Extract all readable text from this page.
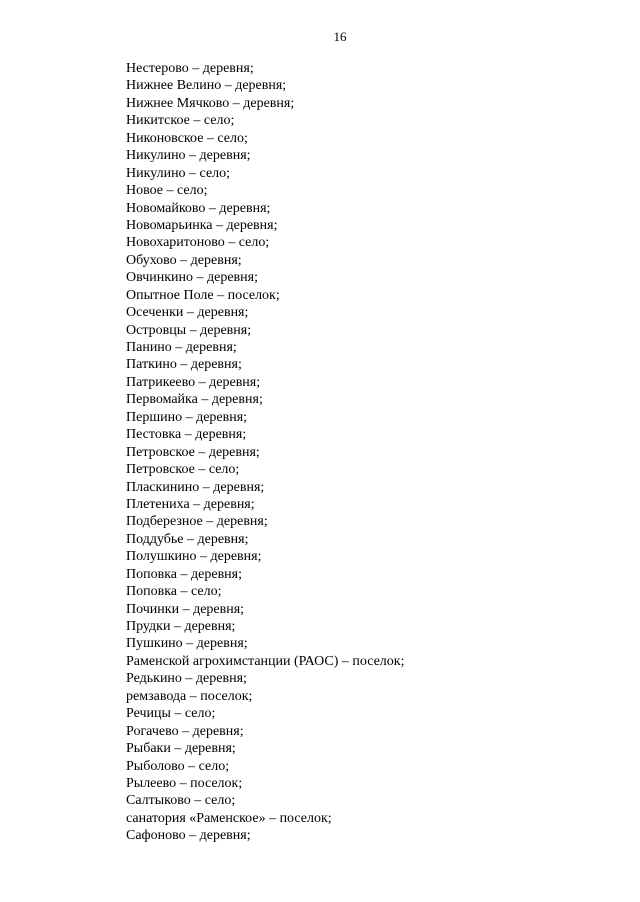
16
Нестерово – деревня;
Нижнее Велино – деревня;
Нижнее Мячково – деревня;
Никитское – село;
Никоновское – село;
Никулино – деревня;
Никулино – село;
Новое – село;
Новомайково – деревня;
Новомарьинка – деревня;
Новохаритоново – село;
Обухово – деревня;
Овчинкино – деревня;
Опытное Поле – поселок;
Осеченки – деревня;
Островцы – деревня;
Панино – деревня;
Паткино – деревня;
Патрикеево – деревня;
Первомайка – деревня;
Першино – деревня;
Пестовка – деревня;
Петровское – деревня;
Петровское – село;
Пласкинино – деревня;
Плетениха – деревня;
Подберезное – деревня;
Поддубье – деревня;
Полушкино – деревня;
Поповка – деревня;
Поповка – село;
Починки – деревня;
Прудки – деревня;
Пушкино – деревня;
Раменской агрохимстанции (РАОС) – поселок;
Редькино – деревня;
ремзавода – поселок;
Речицы – село;
Рогачево – деревня;
Рыбаки – деревня;
Рыболово – село;
Рылеево – поселок;
Салтыково – село;
санатория «Раменское» – поселок;
Сафоново – деревня;
